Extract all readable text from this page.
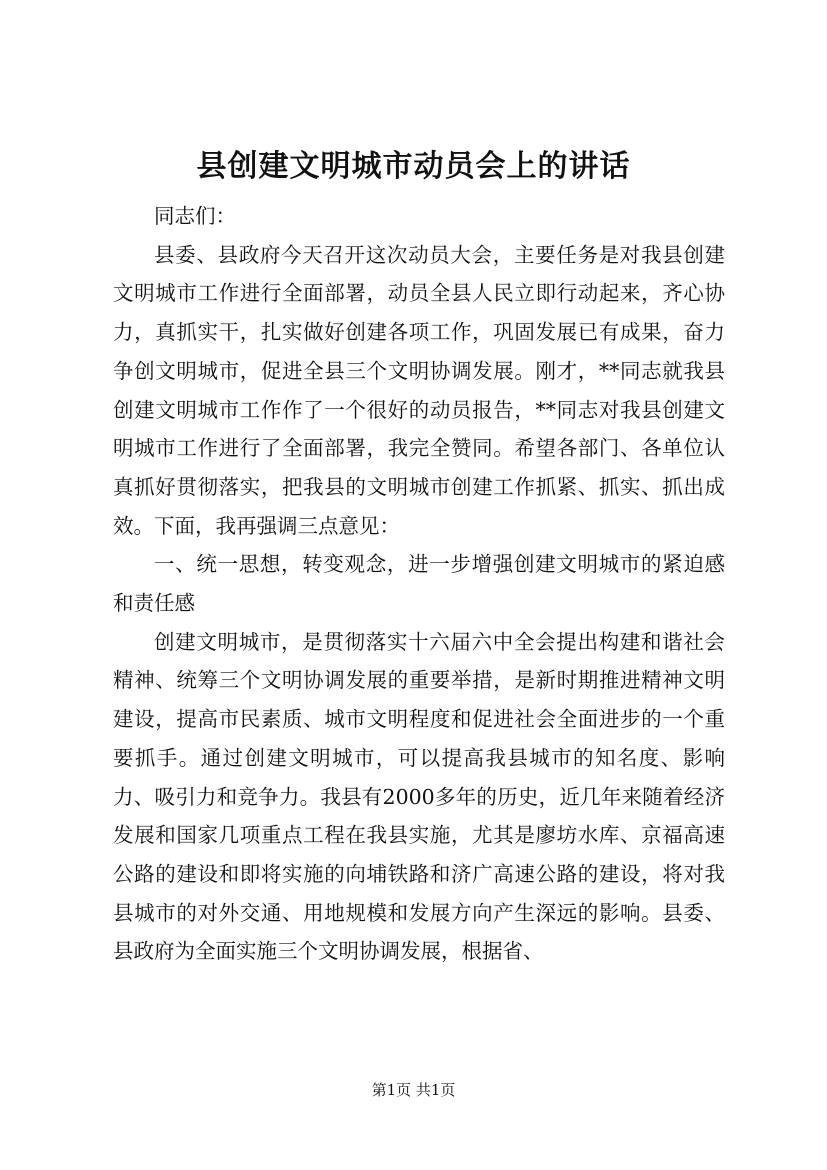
县创建文明城市动员会上的讲话

同志们：

县委、县政府今天召开这次动员大会，主要任务是对我县创建文明城市工作进行全面部署，动员全县人民立即行动起来，齐心协力，真抓实干，扎实做好创建各项工作，巩固发展已有成果，奋力争创文明城市，促进全县三个文明协调发展。刚才，**同志就我县创建文明城市工作作了一个很好的动员报告，**同志对我县创建文明城市工作进行了全面部署，我完全赞同。希望各部门、各单位认真抓好贯彻落实，把我县的文明城市创建工作抓紧、抓实、抓出成效。下面，我再强调三点意见：

一、统一思想，转变观念，进一步增强创建文明城市的紧迫感和责任感

创建文明城市，是贯彻落实十六届六中全会提出构建和谐社会精神、统筹三个文明协调发展的重要举措，是新时期推进精神文明建设，提高市民素质、城市文明程度和促进社会全面进步的一个重要抓手。通过创建文明城市，可以提高我县城市的知名度、影响力、吸引力和竞争力。我县有2000多年的历史，近几年来随着经济发展和国家几项重点工程在我县实施，尤其是廖坊水库、京福高速公路的建设和即将实施的向埔铁路和济广高速公路的建设，将对我县城市的对外交通、用地规模和发展方向产生深远的影响。县委、县政府为全面实施三个文明协调发展，根据省、

第1页 共1页
